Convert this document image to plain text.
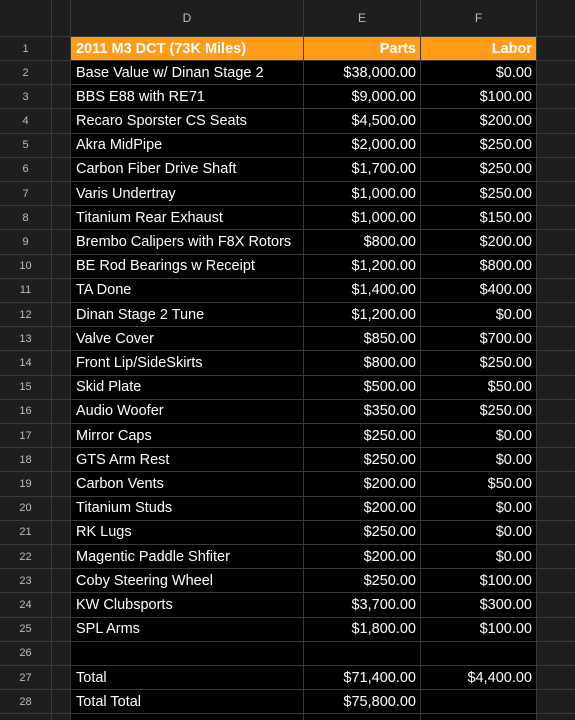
D	E	F
1	2011 M3 DCT (73K Miles)	Parts	Labor
2	Base Value w/ Dinan Stage 2	$38,000.00	$0.00
3	BBS E88 with RE71	$9,000.00	$100.00
4	Recaro Sporster CS Seats	$4,500.00	$200.00
5	Akra MidPipe	$2,000.00	$250.00
6	Carbon Fiber Drive Shaft	$1,700.00	$250.00
7	Varis Undertray	$1,000.00	$250.00
8	Titanium Rear Exhaust	$1,000.00	$150.00
9	Brembo Calipers with F8X Rotors	$800.00	$200.00
10	BE Rod Bearings w Receipt	$1,200.00	$800.00
11	TA Done	$1,400.00	$400.00
12	Dinan Stage 2 Tune	$1,200.00	$0.00
13	Valve Cover	$850.00	$700.00
14	Front Lip/SideSkirts	$800.00	$250.00
15	Skid Plate	$500.00	$50.00
16	Audio Woofer	$350.00	$250.00
17	Mirror Caps	$250.00	$0.00
18	GTS Arm Rest	$250.00	$0.00
19	Carbon Vents	$200.00	$50.00
20	Titanium Studs	$200.00	$0.00
21	RK Lugs	$250.00	$0.00
22	Magentic Paddle Shfiter	$200.00	$0.00
23	Coby Steering Wheel	$250.00	$100.00
24	KW Clubsports	$3,700.00	$300.00
25	SPL Arms	$1,800.00	$100.00
26
27	Total	$71,400.00	$4,400.00
28	Total Total	$75,800.00
